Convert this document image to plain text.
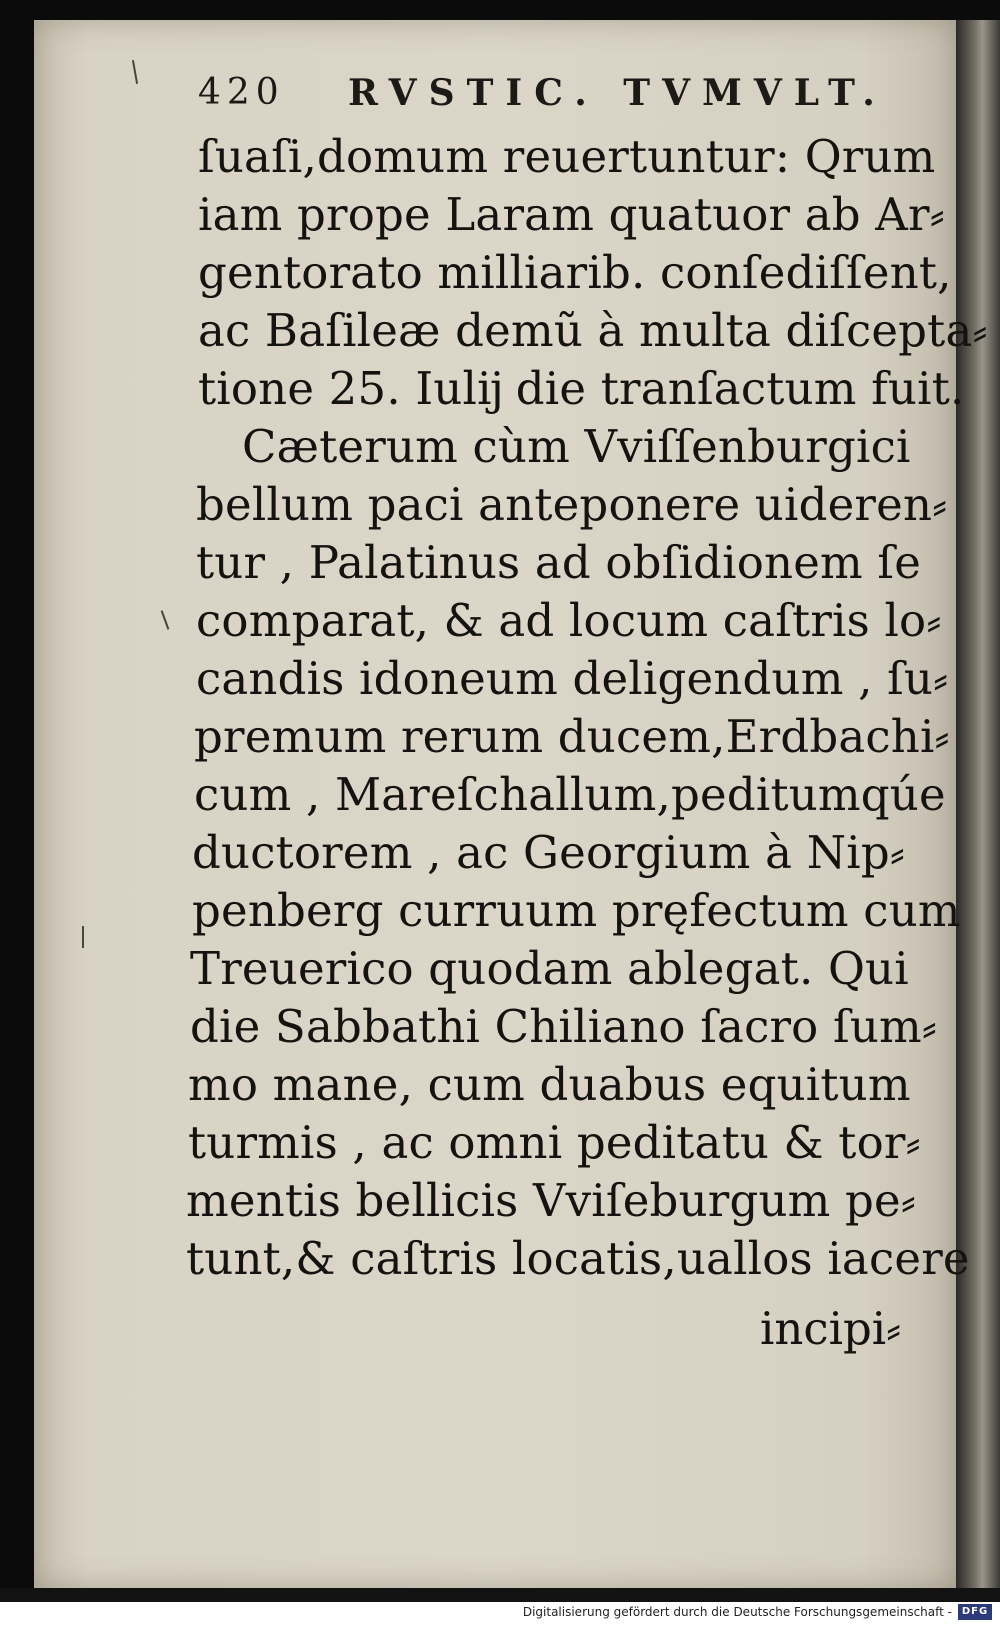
420 RVSTIC. TVMVLT.
ſuaſi,domum reuertuntur: Qrum
iam prope Laram quatuor ab Ar⸗
gentorato milliarib. conſediſſent,
ac Baſileæ demũ à multa diſcepta⸗
tione 25. Iulĳ die tranſactum fuit.
Cæterum cùm Vviſſenburgici
bellum paci anteponere uideren⸗
tur , Palatinus ad obſidionem ſe
comparat, & ad locum caſtris lo⸗
candis idoneum deligendum , ſu⸗
premum rerum ducem,Erdbachi⸗
cum , Mareſchallum,peditumqúe
ductorem , ac Georgium à Nip⸗
penberg curruum pręfectum cum
Treuerico quodam ablegat. Qui
die Sabbathi Chiliano ſacro ſum⸗
mo mane, cum duabus equitum
turmis , ac omni peditatu & tor⸗
mentis bellicis Vviſeburgum pe⸗
tunt,& caſtris locatis,uallos iacere
incipi⸗
Digitalisierung gefördert durch die Deutsche Forschungsgemeinschaft - DFG
